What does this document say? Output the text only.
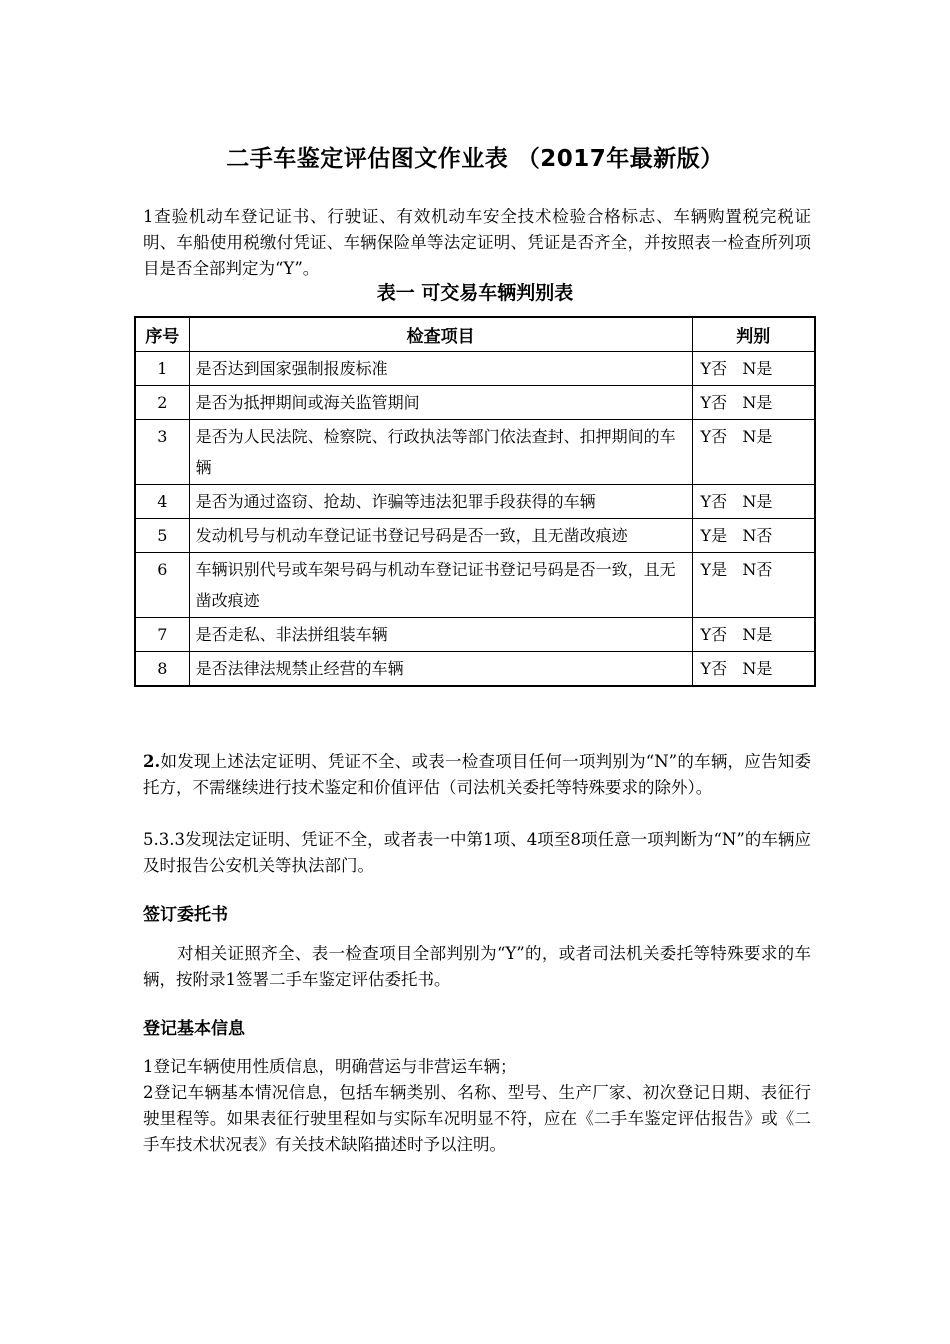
二手车鉴定评估图文作业表 （2017年最新版）
1查验机动车登记证书、行驶证、有效机动车安全技术检验合格标志、车辆购置税完税证明、车船使用税缴付凭证、车辆保险单等法定证明、凭证是否齐全，并按照表一检查所列项目是否全部判定为“Y”。
表一 可交易车辆判别表
序号	检查项目	判别
1	是否达到国家强制报废标准	Y否   N是
2	是否为抵押期间或海关监管期间	Y否   N是
3	是否为人民法院、检察院、行政执法等部门依法查封、扣押期间的车辆	Y否   N是
4	是否为通过盗窃、抢劫、诈骗等违法犯罪手段获得的车辆	Y否   N是
5	发动机号与机动车登记证书登记号码是否一致，且无凿改痕迹	Y是   N否
6	车辆识别代号或车架号码与机动车登记证书登记号码是否一致，且无凿改痕迹	Y是   N否
7	是否走私、非法拼组装车辆	Y否   N是
8	是否法律法规禁止经营的车辆	Y否   N是
2.如发现上述法定证明、凭证不全、或表一检查项目任何一项判别为“N”的车辆，应告知委托方，不需继续进行技术鉴定和价值评估（司法机关委托等特殊要求的除外）。
5.3.3发现法定证明、凭证不全，或者表一中第1项、4项至8项任意一项判断为“N”的车辆应及时报告公安机关等执法部门。
签订委托书
对相关证照齐全、表一检查项目全部判别为“Y”的，或者司法机关委托等特殊要求的车辆，按附录1签署二手车鉴定评估委托书。
登记基本信息
1登记车辆使用性质信息，明确营运与非营运车辆；
2登记车辆基本情况信息，包括车辆类别、名称、型号、生产厂家、初次登记日期、表征行驶里程等。如果表征行驶里程如与实际车况明显不符，应在《二手车鉴定评估报告》或《二手车技术状况表》有关技术缺陷描述时予以注明。
